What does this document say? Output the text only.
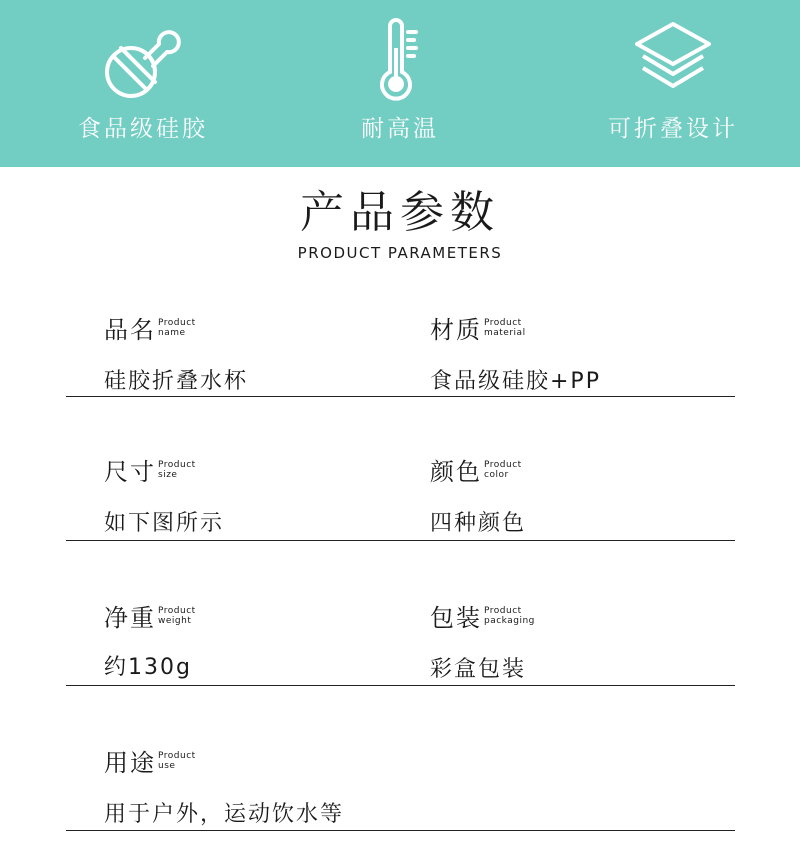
食品级硅胶	耐高温	可折叠设计
产品参数
PRODUCT PARAMETERS
品名 Product
name
硅胶折叠水杯
材质 Product
material
食品级硅胶+PP
尺寸 Product
size
如下图所示
颜色 Product
color
四种颜色
净重 Product
weight
约130g
包装 Product
packaging
彩盒包装
用途 Product
use
用于户外，运动饮水等
